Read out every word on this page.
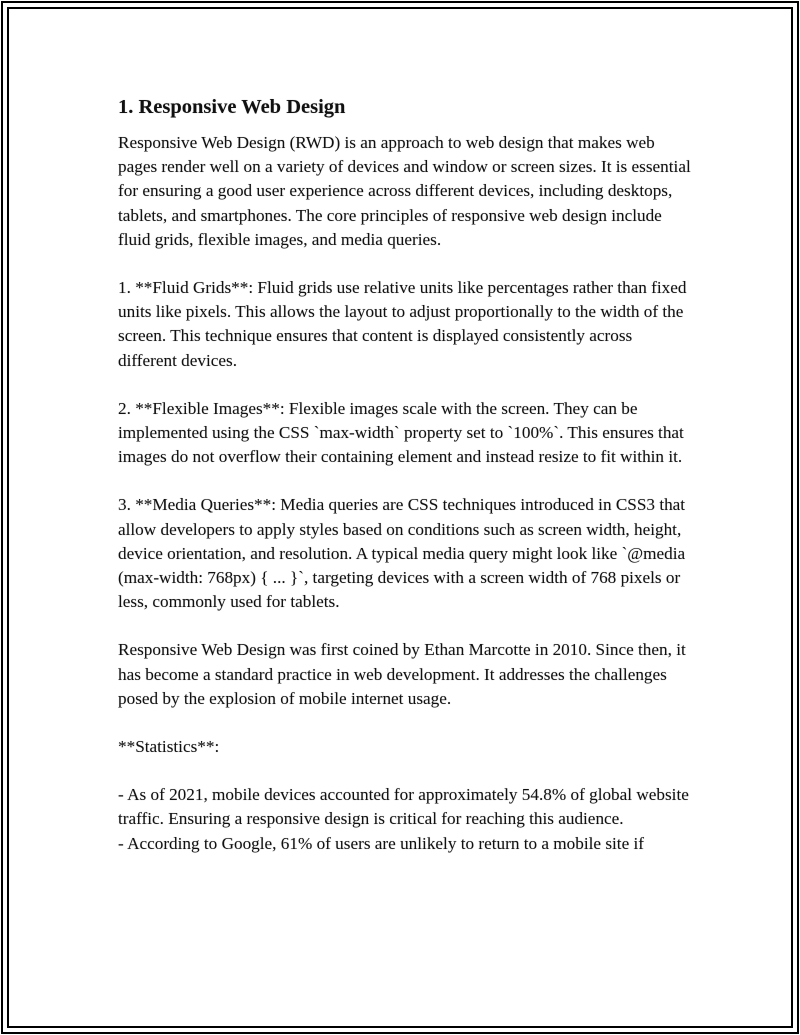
1. Responsive Web Design

Responsive Web Design (RWD) is an approach to web design that makes web pages render well on a variety of devices and window or screen sizes. It is essential for ensuring a good user experience across different devices, including desktops, tablets, and smartphones. The core principles of responsive web design include fluid grids, flexible images, and media queries.

1. **Fluid Grids**: Fluid grids use relative units like percentages rather than fixed units like pixels. This allows the layout to adjust proportionally to the width of the screen. This technique ensures that content is displayed consistently across different devices.

2. **Flexible Images**: Flexible images scale with the screen. They can be implemented using the CSS `max-width` property set to `100%`. This ensures that images do not overflow their containing element and instead resize to fit within it.

3. **Media Queries**: Media queries are CSS techniques introduced in CSS3 that allow developers to apply styles based on conditions such as screen width, height, device orientation, and resolution. A typical media query might look like `@media (max-width: 768px) { ... }`, targeting devices with a screen width of 768 pixels or less, commonly used for tablets.

Responsive Web Design was first coined by Ethan Marcotte in 2010. Since then, it has become a standard practice in web development. It addresses the challenges posed by the explosion of mobile internet usage.

**Statistics**:

- As of 2021, mobile devices accounted for approximately 54.8% of global website traffic. Ensuring a responsive design is critical for reaching this audience.

- According to Google, 61% of users are unlikely to return to a mobile site if
